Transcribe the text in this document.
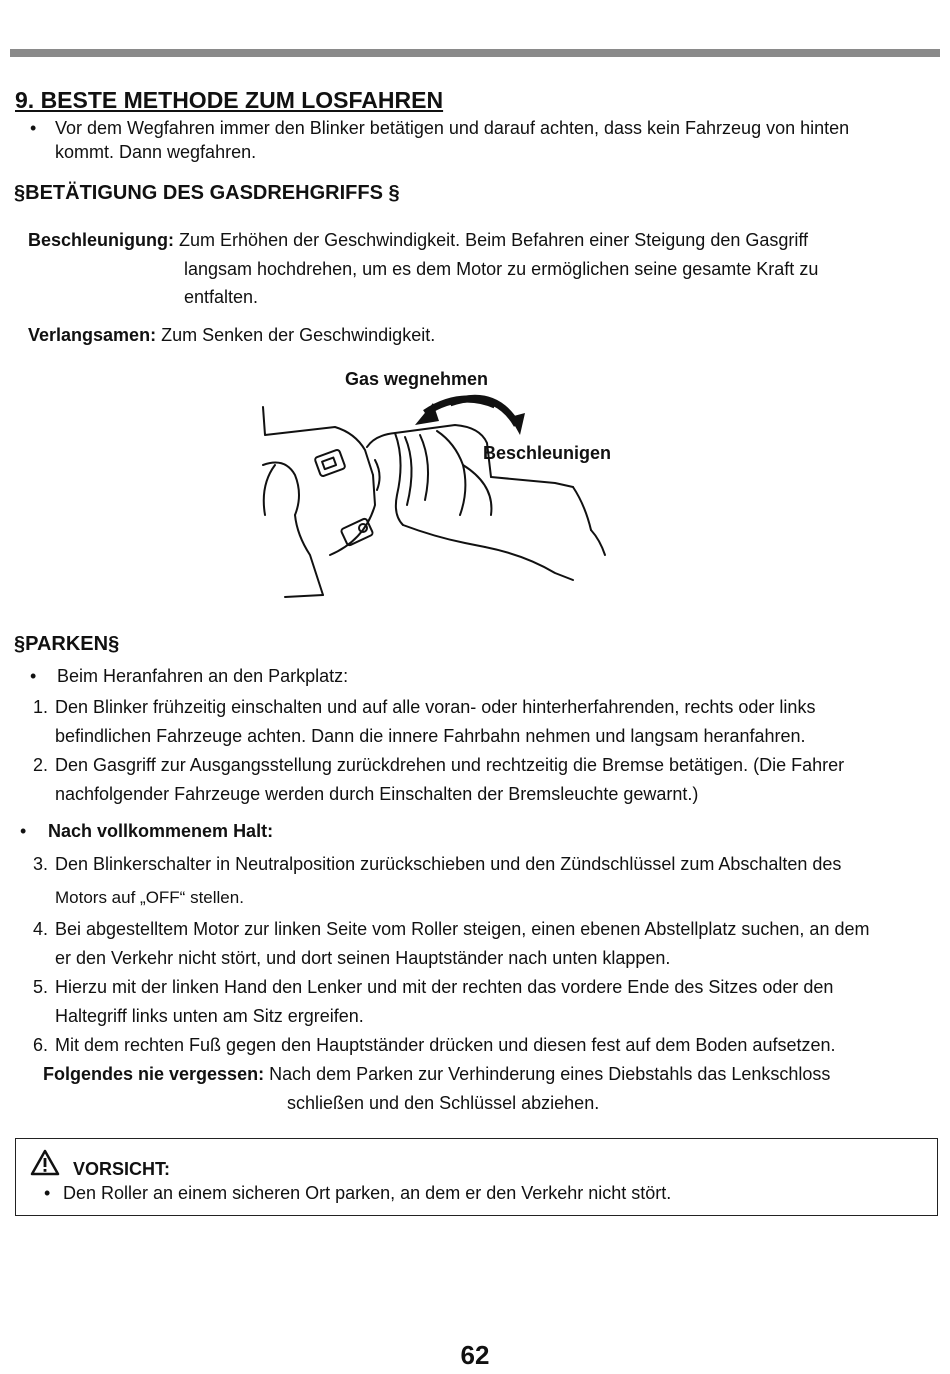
9. BESTE METHODE ZUM LOSFAHREN
• Vor dem Wegfahren immer den Blinker betätigen und darauf achten, dass kein Fahrzeug von hinten
kommt. Dann wegfahren.
§BETÄTIGUNG DES GASDREHGRIFFS §
Beschleunigung: Zum Erhöhen der Geschwindigkeit. Beim Befahren einer Steigung den Gasgriff
langsam hochdrehen, um es dem Motor zu ermöglichen seine gesamte Kraft zu
entfalten.
Verlangsamen: Zum Senken der Geschwindigkeit.
Gas wegnehmen
Beschleunigen
§PARKEN§
• Beim Heranfahren an den Parkplatz:
1. Den Blinker frühzeitig einschalten und auf alle voran- oder hinterherfahrenden, rechts oder links
befindlichen Fahrzeuge achten. Dann die innere Fahrbahn nehmen und langsam heranfahren.
2. Den Gasgriff zur Ausgangsstellung zurückdrehen und rechtzeitig die Bremse betätigen. (Die Fahrer
nachfolgender Fahrzeuge werden durch Einschalten der Bremsleuchte gewarnt.)
• Nach vollkommenem Halt:
3. Den Blinkerschalter in Neutralposition zurückschieben und den Zündschlüssel zum Abschalten des
Motors auf „OFF“ stellen.
4. Bei abgestelltem Motor zur linken Seite vom Roller steigen, einen ebenen Abstellplatz suchen, an dem
er den Verkehr nicht stört, und dort seinen Hauptständer nach unten klappen.
5. Hierzu mit der linken Hand den Lenker und mit der rechten das vordere Ende des Sitzes oder den
Haltegriff links unten am Sitz ergreifen.
6. Mit dem rechten Fuß gegen den Hauptständer drücken und diesen fest auf dem Boden aufsetzen.
Folgendes nie vergessen: Nach dem Parken zur Verhinderung eines Diebstahls das Lenkschloss
schließen und den Schlüssel abziehen.
VORSICHT:
• Den Roller an einem sicheren Ort parken, an dem er den Verkehr nicht stört.
62
